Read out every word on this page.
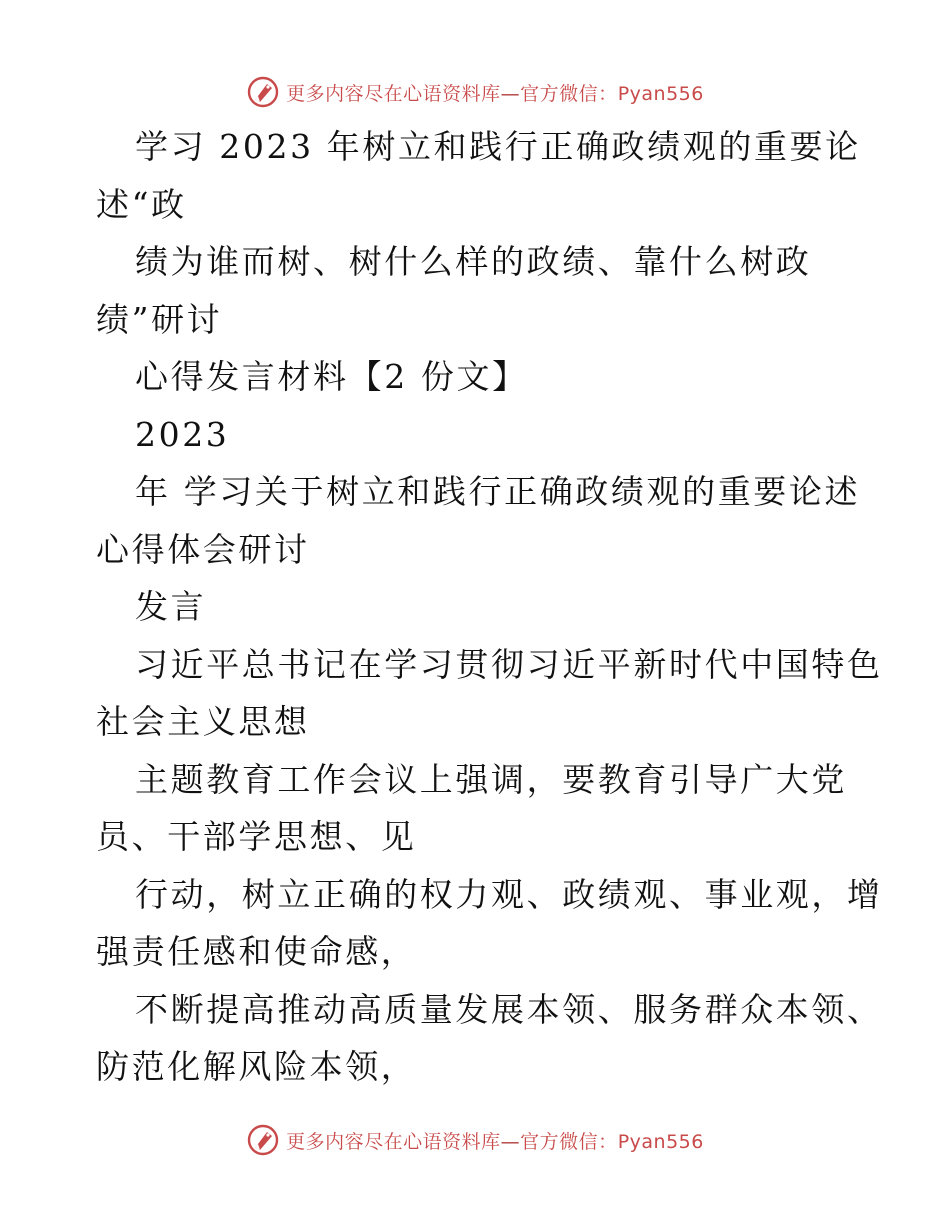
更多内容尽在心语资料库—官方微信：Pyan556
学习 2023 年树立和践行正确政绩观的重要论
述“政
绩为谁而树、树什么样的政绩、靠什么树政
绩”研讨
心得发言材料【2 份文】
2023
年 学习关于树立和践行正确政绩观的重要论述
心得体会研讨
发言
习近平总书记在学习贯彻习近平新时代中国特色
社会主义思想
主题教育工作会议上强调，要教育引导广大党
员、干部学思想、见
行动，树立正确的权力观、政绩观、事业观，增
强责任感和使命感，
不断提高推动高质量发展本领、服务群众本领、
防范化解风险本领，
更多内容尽在心语资料库—官方微信：Pyan556
